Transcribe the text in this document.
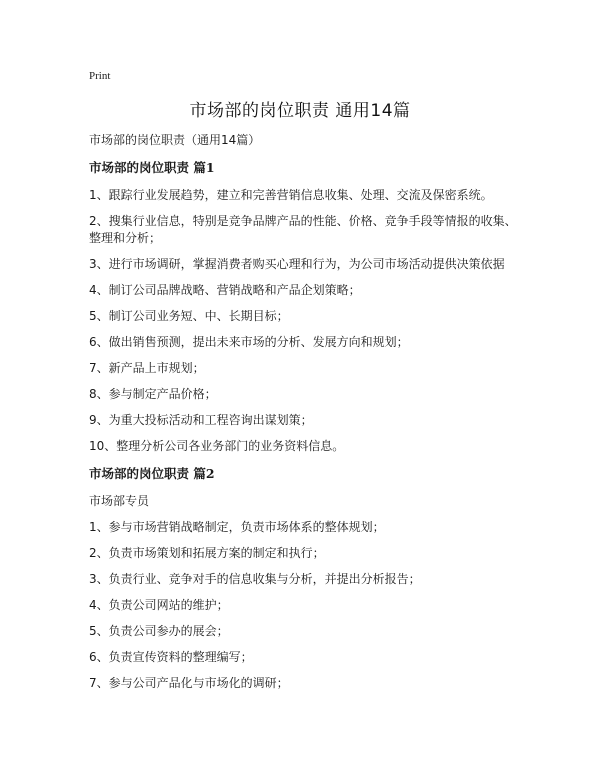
Print
市场部的岗位职责 通用14篇

市场部的岗位职责（通用14篇）

市场部的岗位职责 篇1

1、跟踪行业发展趋势，建立和完善营销信息收集、处理、交流及保密系统。

2、搜集行业信息，特别是竞争品牌产品的性能、价格、竞争手段等情报的收集、整理和分析；

3、进行市场调研，掌握消费者购买心理和行为，为公司市场活动提供决策依据

4、制订公司品牌战略、营销战略和产品企划策略；

5、制订公司业务短、中、长期目标；

6、做出销售预测，提出未来市场的分析、发展方向和规划；

7、新产品上市规划；

8、参与制定产品价格；

9、为重大投标活动和工程咨询出谋划策；

10、整理分析公司各业务部门的业务资料信息。

市场部的岗位职责 篇2

市场部专员

1、参与市场营销战略制定，负责市场体系的整体规划；

2、负责市场策划和拓展方案的制定和执行；

3、负责行业、竞争对手的信息收集与分析，并提出分析报告；

4、负责公司网站的维护；

5、负责公司参办的展会；

6、负责宣传资料的整理编写；

7、参与公司产品化与市场化的调研；
